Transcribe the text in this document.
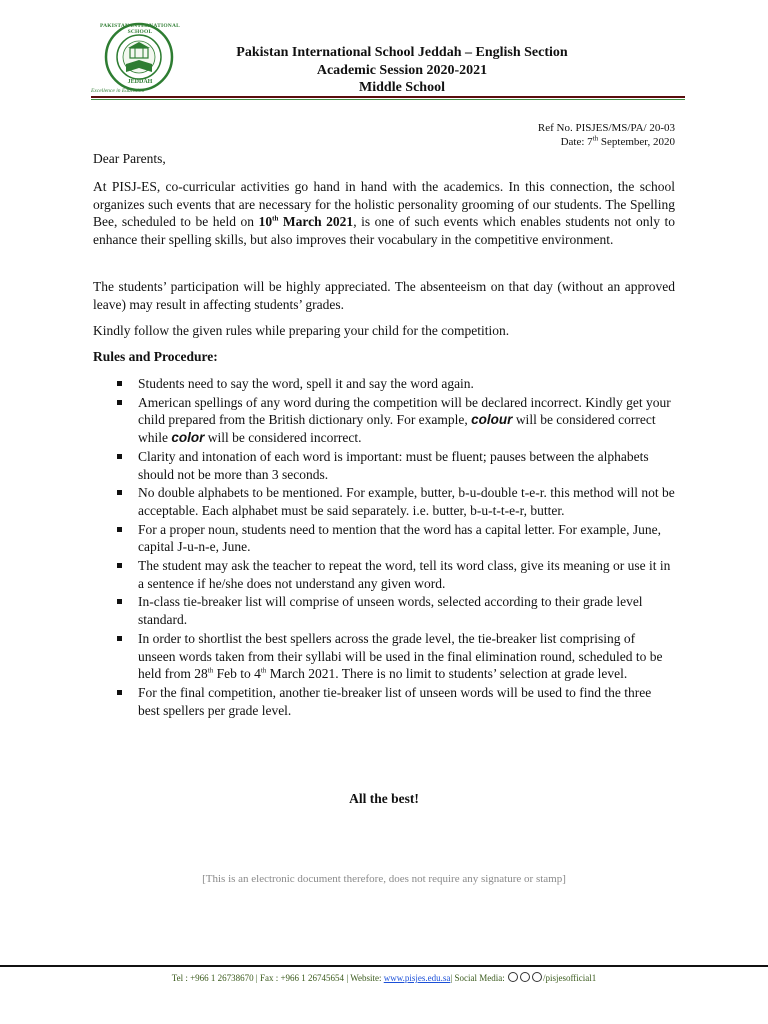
PAKISTAN INTERNATIONAL SCHOOL
JEDDAH
Excellence in Education
Pakistan International School Jeddah – English Section
Academic Session 2020-2021
Middle School
Ref No. PISJES/MS/PA/ 20-03
Date: 7th September, 2020
Dear Parents,

At PISJ-ES, co-curricular activities go hand in hand with the academics. In this connection, the school organizes such events that are necessary for the holistic personality grooming of our students. The Spelling Bee, scheduled to be held on 10th March 2021, is one of such events which enables students not only to enhance their spelling skills, but also improves their vocabulary in the competitive environment.

The students’ participation will be highly appreciated. The absenteeism on that day (without an approved leave) may result in affecting students’ grades.

Kindly follow the given rules while preparing your child for the competition.

Rules and Procedure:
Students need to say the word, spell it and say the word again.
American spellings of any word during the competition will be declared incorrect. Kindly get your child prepared from the British dictionary only. For example, colour will be considered correct while color will be considered incorrect.
Clarity and intonation of each word is important: must be fluent; pauses between the alphabets should not be more than 3 seconds.
No double alphabets to be mentioned. For example, butter, b-u-double t-e-r. this method will not be acceptable. Each alphabet must be said separately. i.e. butter, b-u-t-t-e-r, butter.
For a proper noun, students need to mention that the word has a capital letter. For example, June, capital J-u-n-e, June.
The student may ask the teacher to repeat the word, tell its word class, give its meaning or use it in a sentence if he/she does not understand any given word.
In-class tie-breaker list will comprise of unseen words, selected according to their grade level standard.
In order to shortlist the best spellers across the grade level, the tie-breaker list comprising of unseen words taken from their syllabi will be used in the final elimination round, scheduled to be held from 28th Feb to 4th March 2021. There is no limit to students’ selection at grade level.
For the final competition, another tie-breaker list of unseen words will be used to find the three best spellers per grade level.
All the best!
[This is an electronic document therefore, does not require any signature or stamp]
Tel : +966 1 26738670 | Fax : +966 1 26745654 | Website: www.pisjes.edu.sa| Social Media:	/pisjesofficial1
